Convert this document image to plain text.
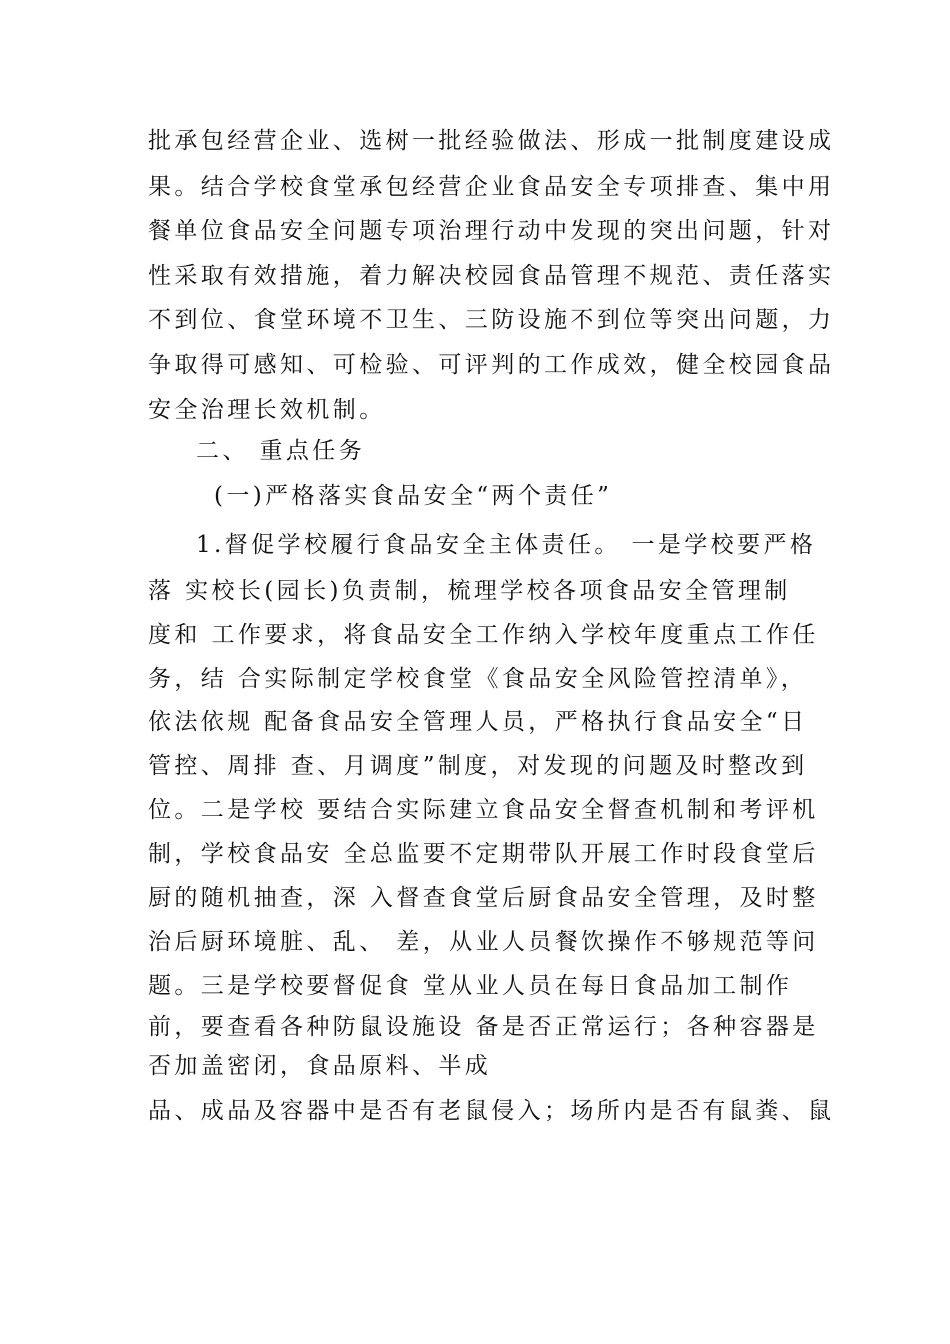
批承包经营企业、选树一批经验做法、形成一批制度建设成
果。结合学校食堂承包经营企业食品安全专项排查、集中用
餐单位食品安全问题专项治理行动中发现的突出问题，针对
性采取有效措施，着力解决校园食品管理不规范、责任落实
不到位、食堂环境不卫生、三防设施不到位等突出问题，力
争取得可感知、可检验、可评判的工作成效，健全校园食品
安全治理长效机制。
二、 重点任务
(一)严格落实食品安全“两个责任”
1.督促学校履行食品安全主体责任。 一是学校要严格
落 实校长(园长)负责制，梳理学校各项食品安全管理制
度和 工作要求，将食品安全工作纳入学校年度重点工作任
务，结 合实际制定学校食堂《食品安全风险管控清单》，
依法依规 配备食品安全管理人员，严格执行食品安全“日
管控、周排 查、月调度”制度，对发现的问题及时整改到
位。二是学校 要结合实际建立食品安全督查机制和考评机
制，学校食品安 全总监要不定期带队开展工作时段食堂后
厨的随机抽查，深 入督查食堂后厨食品安全管理，及时整
治后厨环境脏、乱、 差，从业人员餐饮操作不够规范等问
题。三是学校要督促食 堂从业人员在每日食品加工制作
前，要查看各种防鼠设施设 备是否正常运行；各种容器是
否加盖密闭，食品原料、半成
品、成品及容器中是否有老鼠侵入；场所内是否有鼠粪、鼠
